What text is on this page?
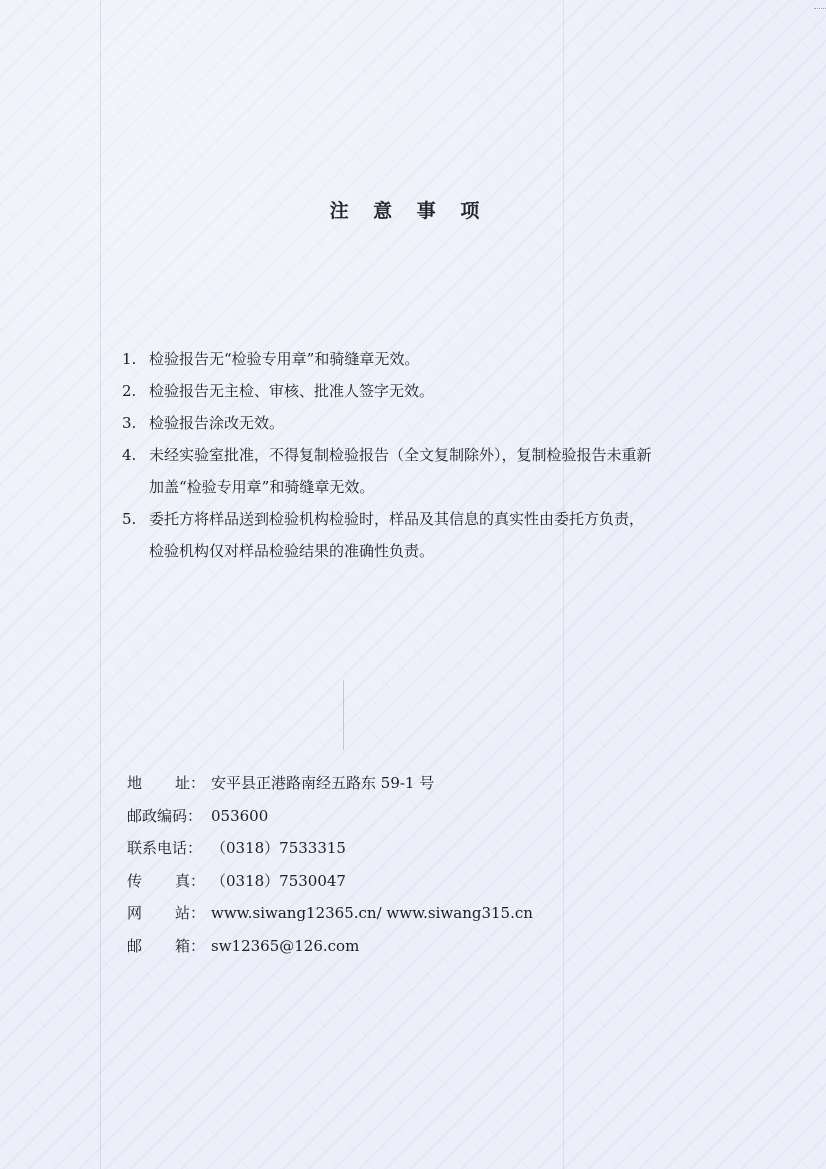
注 意 事 项
1. 检验报告无“检验专用章”和骑缝章无效。
2. 检验报告无主检、审核、批准人签字无效。
3. 检验报告涂改无效。
4. 未经实验室批准，不得复制检验报告（全文复制除外），复制检验报告未重新
加盖“检验专用章”和骑缝章无效。
5. 委托方将样品送到检验机构检验时，样品及其信息的真实性由委托方负责，
检验机构仅对样品检验结果的准确性负责。
地 址： 安平县正港路南经五路东 59-1 号
邮政编码： 053600
联系电话： （0318）7533315
传 真： （0318）7530047
网 站： www.siwang12365.cn/ www.siwang315.cn
邮 箱： sw12365@126.com
